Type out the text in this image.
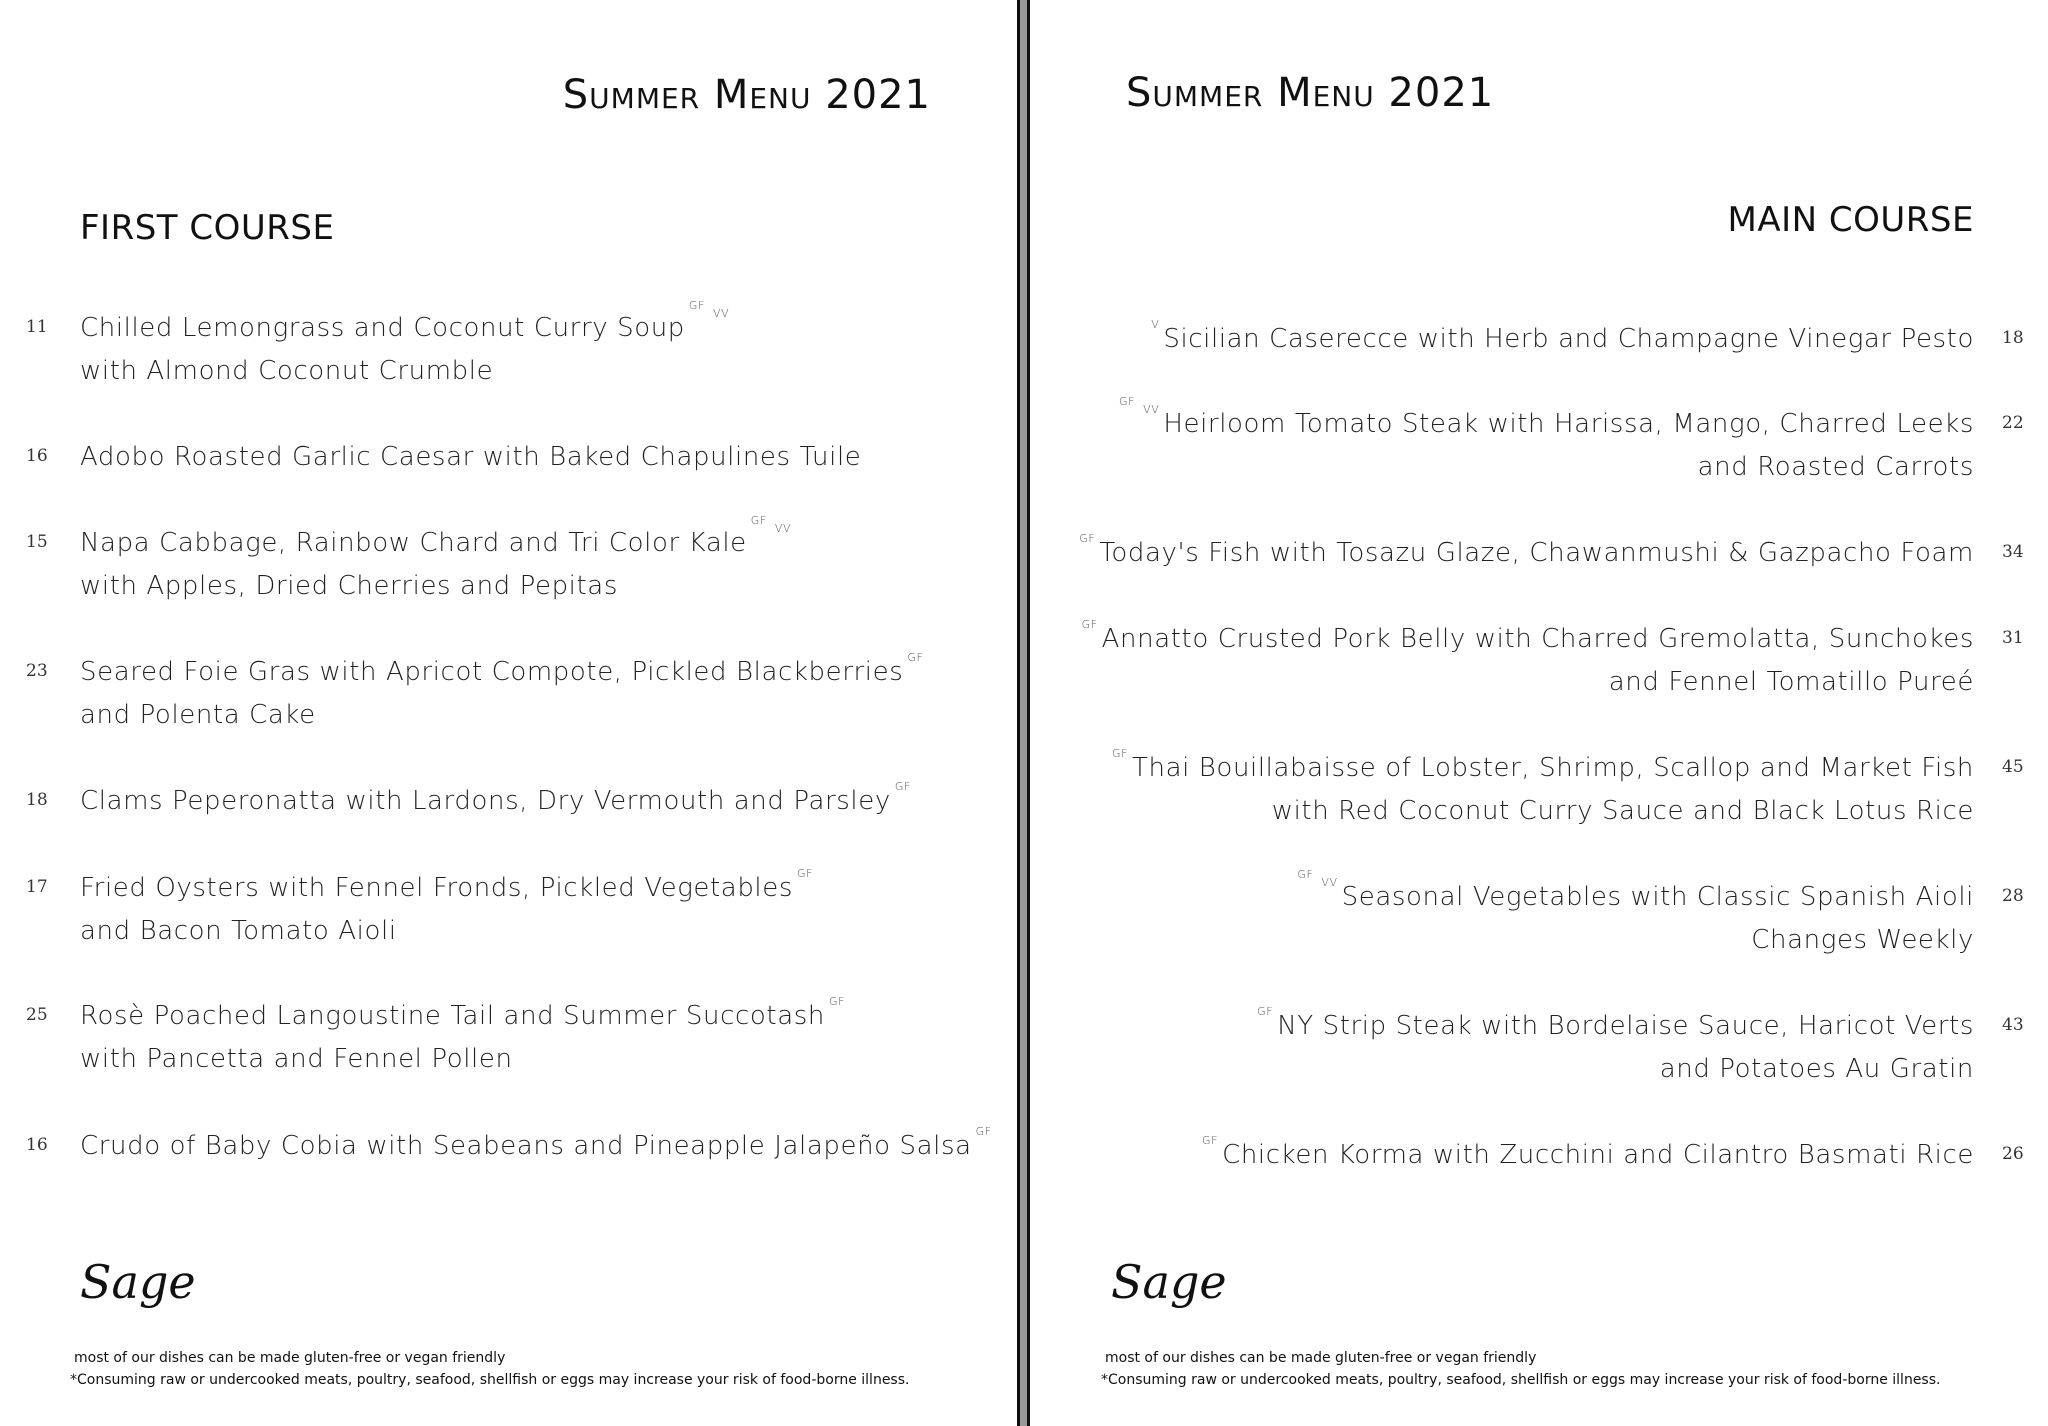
Summer Menu 2021
FIRST COURSE
Chilled Lemongrass and Coconut Curry SoupGFVV
with Almond Coconut Crumble
11
Adobo Roasted Garlic Caesar with Baked Chapulines Tuile
16
Napa Cabbage, Rainbow Chard and Tri Color KaleGFVV
with Apples, Dried Cherries and Pepitas
15
Seared Foie Gras with Apricot Compote, Pickled Blackberries GF
and Polenta Cake
23
Clams Peperonatta with Lardons, Dry Vermouth and Parsley GF
18
Fried Oysters with Fennel Fronds, Pickled Vegetables GF
and Bacon Tomato Aioli
17
Rosè Poached Langoustine Tail and Summer Succotash GF
with Pancetta and Fennel Pollen
25
Crudo of Baby Cobia with Seabeans and Pineapple Jalapeño Salsa GF
16
Sage
most of our dishes can be made gluten-free or vegan friendly
*Consuming raw or undercooked meats, poultry, seafood, shellfish or eggs may increase your risk of food-borne illness.
Summer Menu 2021
MAIN COURSE
V Sicilian Caserecce with Herb and Champagne Vinegar Pesto 18
GFVV Heirloom Tomato Steak with Harissa, Mango, Charred Leeks
and Roasted Carrots
22
GF Today's Fish with Tosazu Glaze, Chawanmushi & Gazpacho Foam 34
GF Annatto Crusted Pork Belly with Charred Gremolatta, Sunchokes
and Fennel Tomatillo Pureé
31
GF Thai Bouillabaisse of Lobster, Shrimp, Scallop and Market Fish
with Red Coconut Curry Sauce and Black Lotus Rice
45
GFVV Seasonal Vegetables with Classic Spanish Aioli
Changes Weekly
28
GF NY Strip Steak with Bordelaise Sauce, Haricot Verts
and Potatoes Au Gratin
43
GF Chicken Korma with Zucchini and Cilantro Basmati Rice 26
Sage
most of our dishes can be made gluten-free or vegan friendly
*Consuming raw or undercooked meats, poultry, seafood, shellfish or eggs may increase your risk of food-borne illness.
